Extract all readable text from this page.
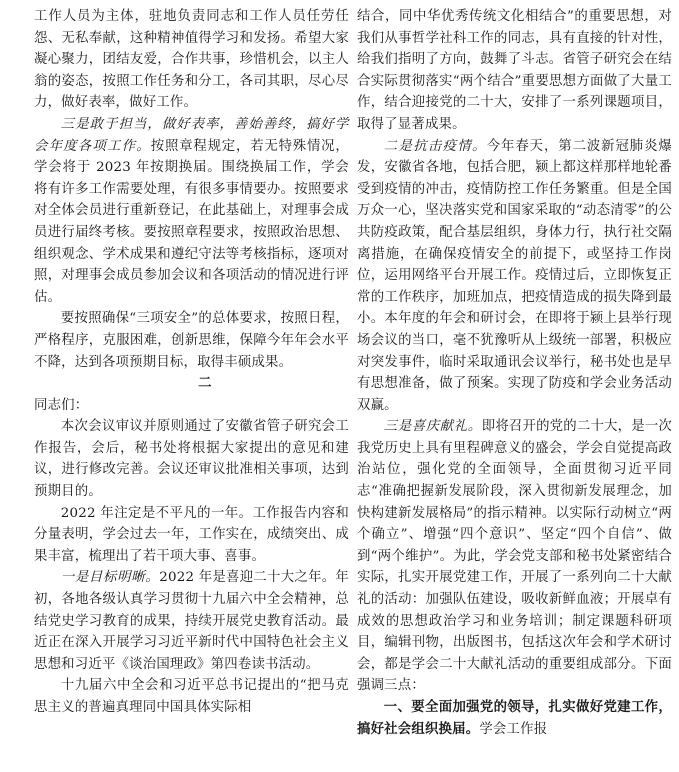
工作人员为主体，驻地负责同志和工作人员任劳任怨、无私奉献，这种精神值得学习和发扬。希望大家凝心聚力，团结友爱，合作共事，珍惜机会，以主人翁的姿态，按照工作任务和分工，各司其职，尽心尽力，做好表率，做好工作。

三是敢于担当，做好表率，善始善终，搞好学会年度各项工作。按照章程规定，若无特殊情况，学会将于 2023 年按期换届。围绕换届工作，学会将有许多工作需要处理，有很多事情要办。按照要求对全体会员进行重新登记，在此基础上，对理事会成员进行届终考核。要按照章程要求，按照政治思想、组织观念、学术成果和遵纪守法等考核指标，逐项对照，对理事会成员参加会议和各项活动的情况进行评估。

要按照确保“三项安全”的总体要求，按照日程，严格程序，克服困难，创新思维，保障今年年会水平不降，达到各项预期目标，取得丰硕成果。

二

同志们：

本次会议审议并原则通过了安徽省管子研究会工作报告，会后，秘书处将根据大家提出的意见和建议，进行修改完善。会议还审议批准相关事项，达到预期目的。

2022 年注定是不平凡的一年。工作报告内容和分量表明，学会过去一年，工作实在，成绩突出、成果丰富，梳理出了若干项大事、喜事。

一是目标明晰。2022 年是喜迎二十大之年。年初，各地各级认真学习贯彻十九届六中全会精神，总结党史学习教育的成果，持续开展党史教育活动。最近正在深入开展学习习近平新时代中国特色社会主义思想和习近平《谈治国理政》第四卷读书活动。

十九届六中全会和习近平总书记提出的“把马克思主义的普遍真理同中国具体实际相

结合，同中华优秀传统文化相结合”的重要思想，对我们从事哲学社科工作的同志，具有直接的针对性，给我们指明了方向，鼓舞了斗志。省管子研究会在结合实际贯彻落实“两个结合”重要思想方面做了大量工作，结合迎接党的二十大，安排了一系列课题项目，取得了显著成果。

二是抗击疫情。今年春天，第二波新冠肺炎爆发，安徽省各地，包括合肥，颍上都这样那样地轮番受到疫情的冲击，疫情防控工作任务繁重。但是全国万众一心，坚决落实党和国家采取的“动态清零”的公共防疫政策，配合基层组织，身体力行，执行社交隔离措施，在确保疫情安全的前提下，或坚持工作岗位，运用网络平台开展工作。疫情过后，立即恢复正常的工作秩序，加班加点，把疫情造成的损失降到最小。本年度的年会和研讨会，在即将于颍上县举行现场会议的当口，毫不犹豫听从上级统一部署，积极应对突发事件，临时采取通讯会议举行，秘书处也是早有思想准备，做了预案。实现了防疫和学会业务活动双赢。

三是喜庆献礼。即将召开的党的二十大，是一次我党历史上具有里程碑意义的盛会，学会自觉提高政治站位，强化党的全面领导，全面贯彻习近平同志“准确把握新发展阶段，深入贯彻新发展理念，加快构建新发展格局”的指示精神。以实际行动树立“两个确立”、增强“四个意识”、坚定“四个自信”、做到“两个维护”。为此，学会党支部和秘书处紧密结合实际，扎实开展党建工作，开展了一系列向二十大献礼的活动：加强队伍建设，吸收新鲜血液；开展卓有成效的思想政治学习和业务培训；制定课题科研项目，编辑刊物，出版图书，包括这次年会和学术研讨会，都是学会二十大献礼活动的重要组成部分。下面强调三点：

一、要全面加强党的领导，扎实做好党建工作，搞好社会组织换届。学会工作报
